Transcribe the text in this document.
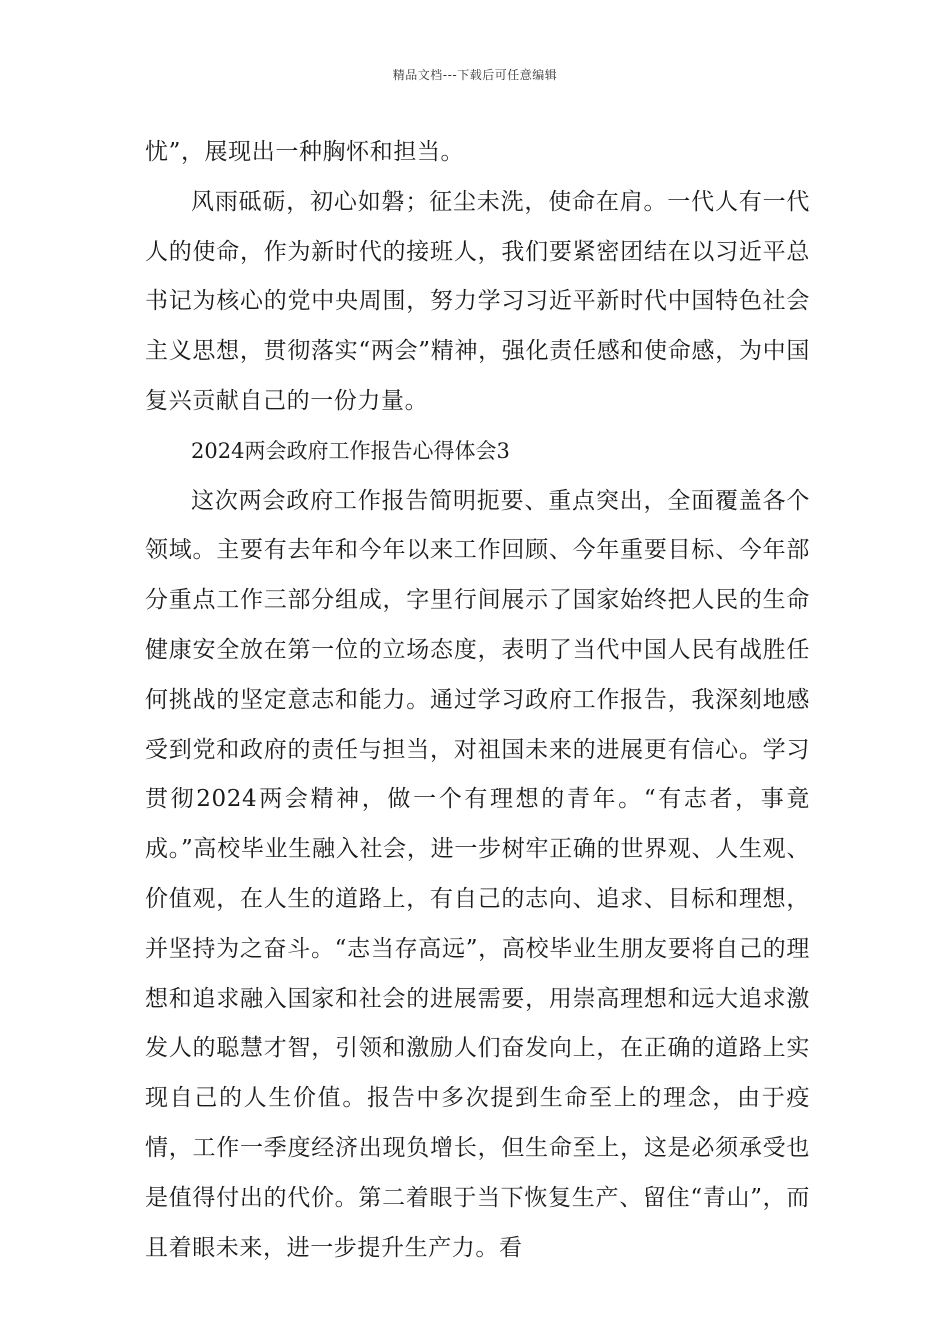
精品文档---下载后可任意编辑

忧”，展现出一种胸怀和担当。

风雨砥砺，初心如磐；征尘未洗，使命在肩。一代人有一代人的使命，作为新时代的接班人，我们要紧密团结在以习近平总书记为核心的党中央周围，努力学习习近平新时代中国特色社会主义思想，贯彻落实“两会”精神，强化责任感和使命感，为中国复兴贡献自己的一份力量。

2024两会政府工作报告心得体会3

这次两会政府工作报告简明扼要、重点突出，全面覆盖各个领域。主要有去年和今年以来工作回顾、今年重要目标、今年部分重点工作三部分组成，字里行间展示了国家始终把人民的生命健康安全放在第一位的立场态度，表明了当代中国人民有战胜任何挑战的坚定意志和能力。通过学习政府工作报告，我深刻地感受到党和政府的责任与担当，对祖国未来的进展更有信心。学习贯彻2024两会精神，做一个有理想的青年。“有志者，事竟成。”高校毕业生融入社会，进一步树牢正确的世界观、人生观、价值观，在人生的道路上，有自己的志向、追求、目标和理想，并坚持为之奋斗。“志当存高远”，高校毕业生朋友要将自己的理想和追求融入国家和社会的进展需要，用崇高理想和远大追求激发人的聪慧才智，引领和激励人们奋发向上，在正确的道路上实现自己的人生价值。报告中多次提到生命至上的理念，由于疫情，工作一季度经济出现负增长，但生命至上，这是必须承受也是值得付出的代价。第二着眼于当下恢复生产、留住“青山”，而且着眼未来，进一步提升生产力。看
